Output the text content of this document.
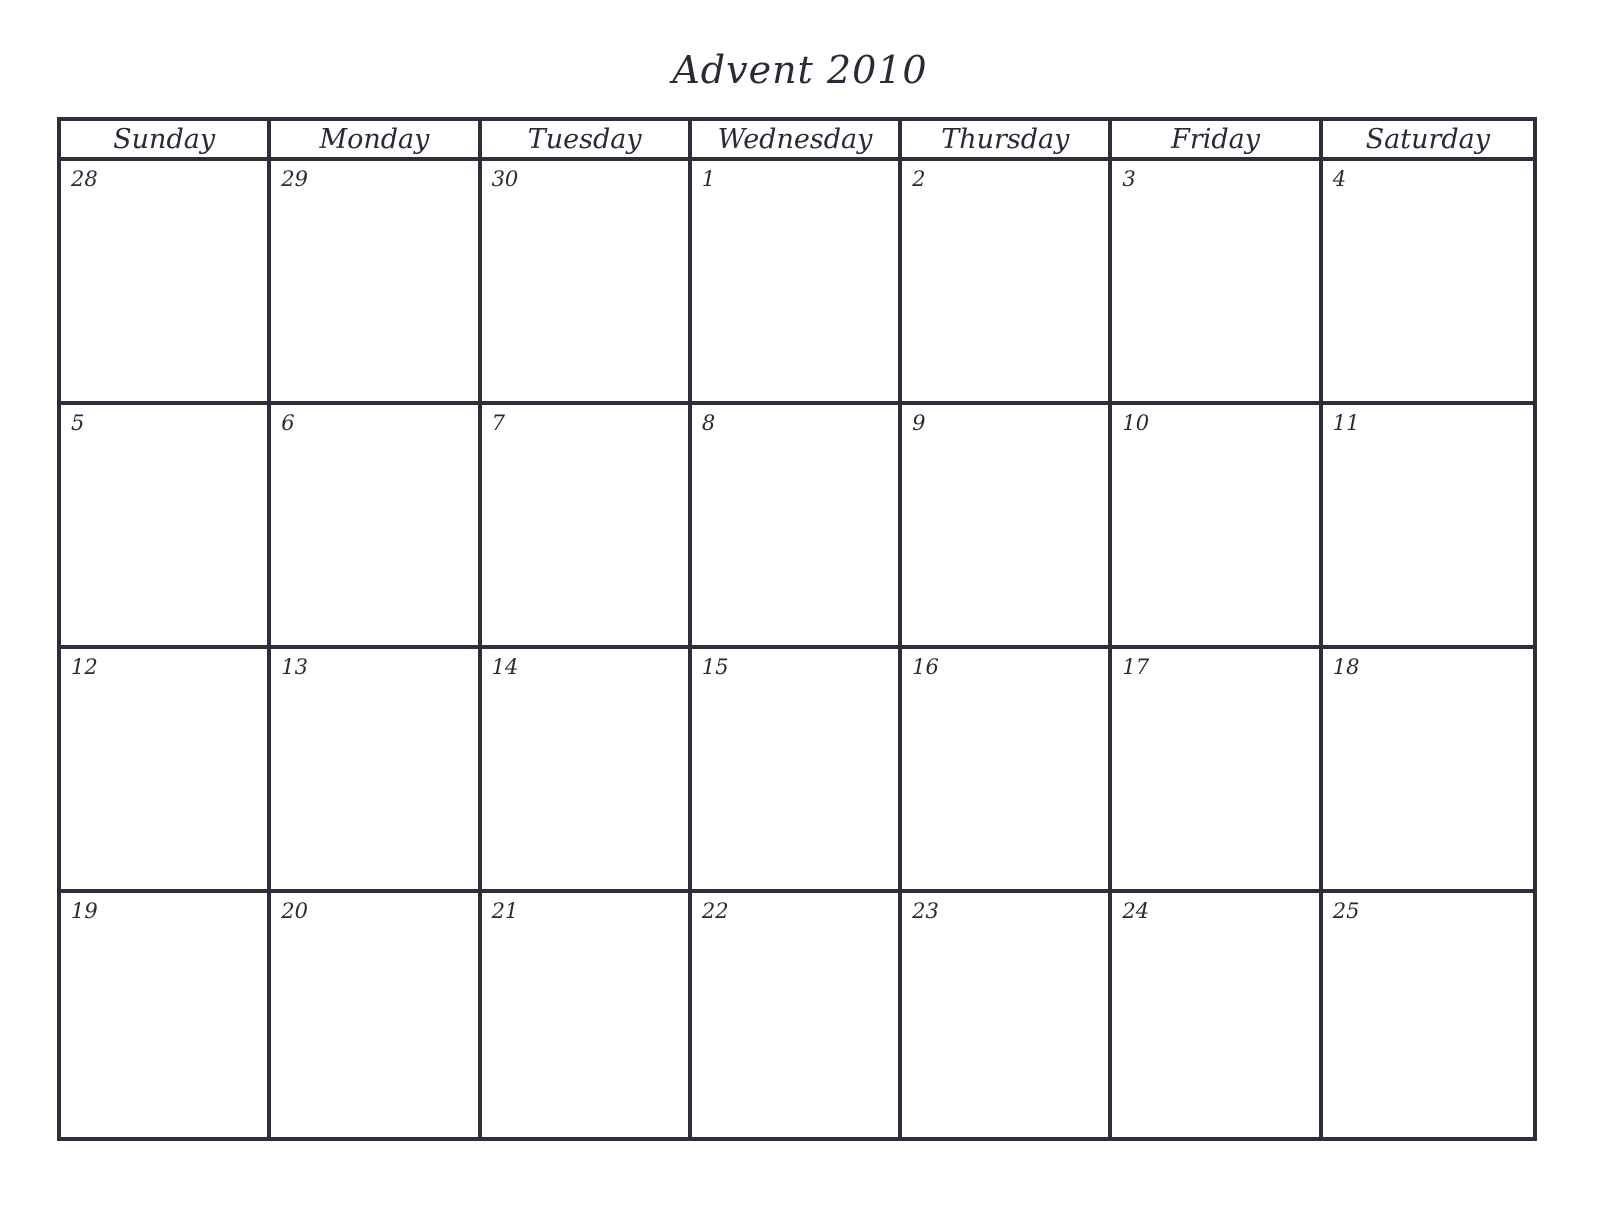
Advent 2010
Sunday	Monday	Tuesday	Wednesday	Thursday	Friday	Saturday
28	29	30	1	2	3	4
5	6	7	8	9	10	11
12	13	14	15	16	17	18
19	20	21	22	23	24	25
